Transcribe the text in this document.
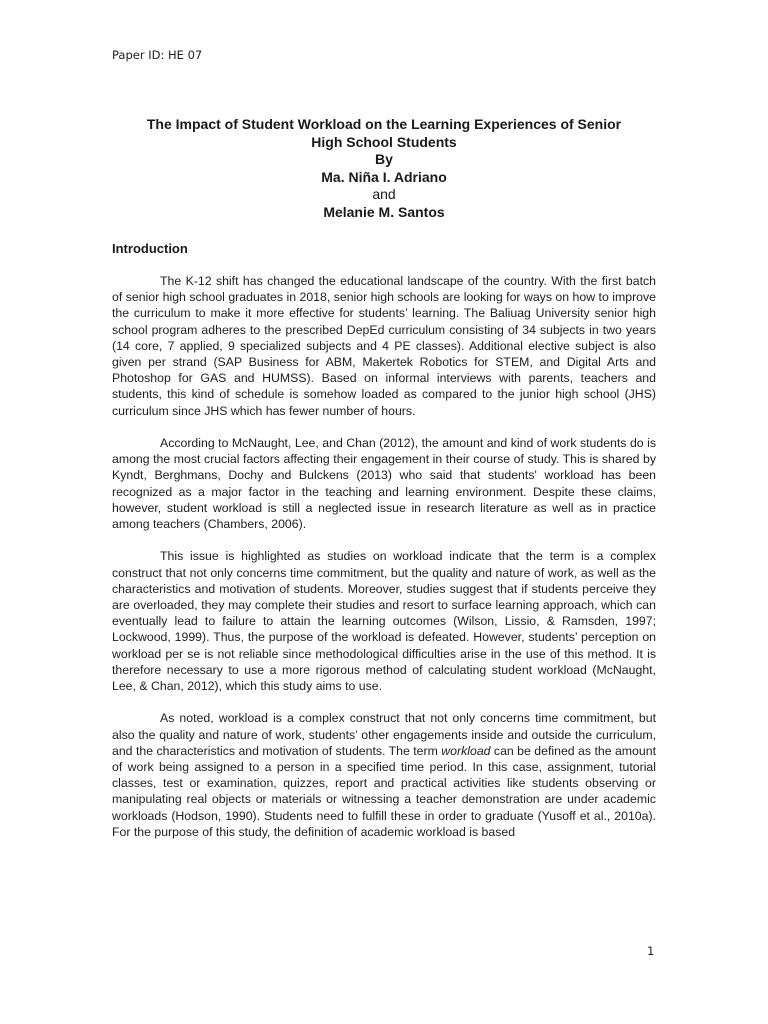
Paper ID: HE 07
The Impact of Student Workload on the Learning Experiences of Senior
High School Students
By
Ma. Niña I. Adriano
and
Melanie M. Santos
Introduction

The K-12 shift has changed the educational landscape of the country. With the first batch of senior high school graduates in 2018, senior high schools are looking for ways on how to improve the curriculum to make it more effective for students’ learning. The Baliuag University senior high school program adheres to the prescribed DepEd curriculum consisting of 34 subjects in two years (14 core, 7 applied, 9 specialized subjects and 4 PE classes). Additional elective subject is also given per strand (SAP Business for ABM, Makertek Robotics for STEM, and Digital Arts and Photoshop for GAS and HUMSS). Based on informal interviews with parents, teachers and students, this kind of schedule is somehow loaded as compared to the junior high school (JHS) curriculum since JHS which has fewer number of hours.

According to McNaught, Lee, and Chan (2012), the amount and kind of work students do is among the most crucial factors affecting their engagement in their course of study. This is shared by Kyndt, Berghmans, Dochy and Bulckens (2013) who said that students' workload has been recognized as a major factor in the teaching and learning environment. Despite these claims, however, student workload is still a neglected issue in research literature as well as in practice among teachers (Chambers, 2006).

This issue is highlighted as studies on workload indicate that the term is a complex construct that not only concerns time commitment, but the quality and nature of work, as well as the characteristics and motivation of students. Moreover, studies suggest that if students perceive they are overloaded, they may complete their studies and resort to surface learning approach, which can eventually lead to failure to attain the learning outcomes (Wilson, Lissio, & Ramsden, 1997; Lockwood, 1999). Thus, the purpose of the workload is defeated. However, students’ perception on workload per se is not reliable since methodological difficulties arise in the use of this method. It is therefore necessary to use a more rigorous method of calculating student workload (McNaught, Lee, & Chan, 2012), which this study aims to use.

As noted, workload is a complex construct that not only concerns time commitment, but also the quality and nature of work, students’ other engagements inside and outside the curriculum, and the characteristics and motivation of students. The term workload can be defined as the amount of work being assigned to a person in a specified time period. In this case, assignment, tutorial classes, test or examination, quizzes, report and practical activities like students observing or manipulating real objects or materials or witnessing a teacher demonstration are under academic workloads (Hodson, 1990). Students need to fulfill these in order to graduate (Yusoff et al., 2010a). For the purpose of this study, the definition of academic workload is based

1
